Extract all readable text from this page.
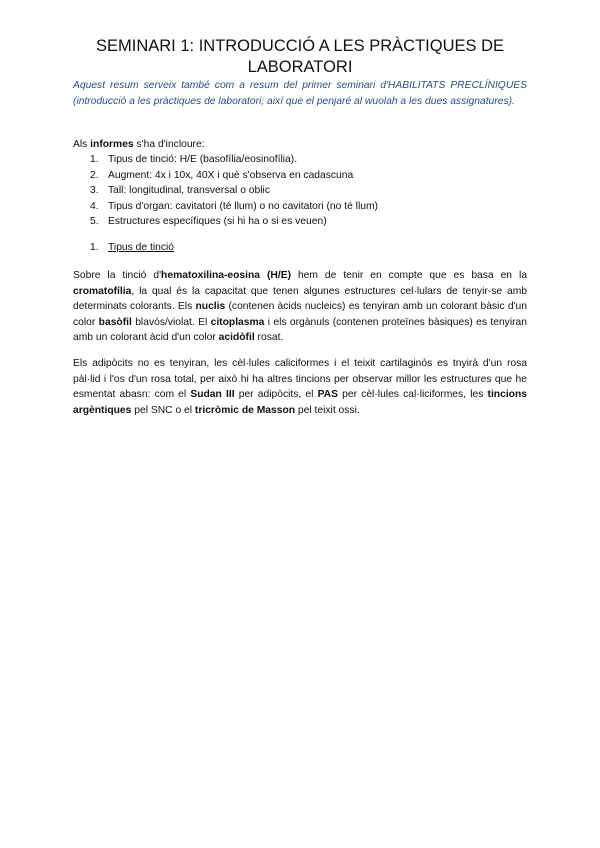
SEMINARI 1: INTRODUCCIÓ A LES PRÀCTIQUES DE LABORATORI
Aquest resum serveix també com a resum del primer seminari d'HABILITATS PRECLÍNIQUES (introducció a les pràctiques de laboratori; així que el penjaré al wuolah a les dues assignatures).
Als informes s'ha d'incloure:
1. Tipus de tinció: H/E (basofília/eosinofília).
2. Augment: 4x i 10x, 40X i què s'observa en cadascuna
3. Tall: longitudinal, transversal o oblic
4. Tipus d'organ: cavitatori (té llum) o no cavitatori (no té llum)
5. Estructures específiques (si hi ha o si es veuen)
1. Tipus de tinció
Sobre la tinció d'hematoxilina-eosina (H/E) hem de tenir en compte que es basa en la cromatofília, la qual és la capacitat que tenen algunes estructures cel·lulars de tenyir-se amb determinats colorants. Els nuclis (contenen àcids nucleics) es tenyiran amb un colorant bàsic d'un color basòfil blavós/violat. El citoplasma i els orgànuls (contenen proteïnes bàsiques) es tenyiran amb un colorant àcid d'un color acidòfil rosat.
Els adipòcits no es tenyiran, les cèl·lules caliciformes i el teixit cartilaginós es tnyirà d'un rosa pàl·lid i l'os d'un rosa total, per això hi ha altres tincions per observar millor les estructures que he esmentat abasn: com el Sudan III per adipòcits, el PAS per cèl·lules cal·liciformes, les tincions argèntiques pel SNC o el tricròmic de Masson pel teixit ossi.
